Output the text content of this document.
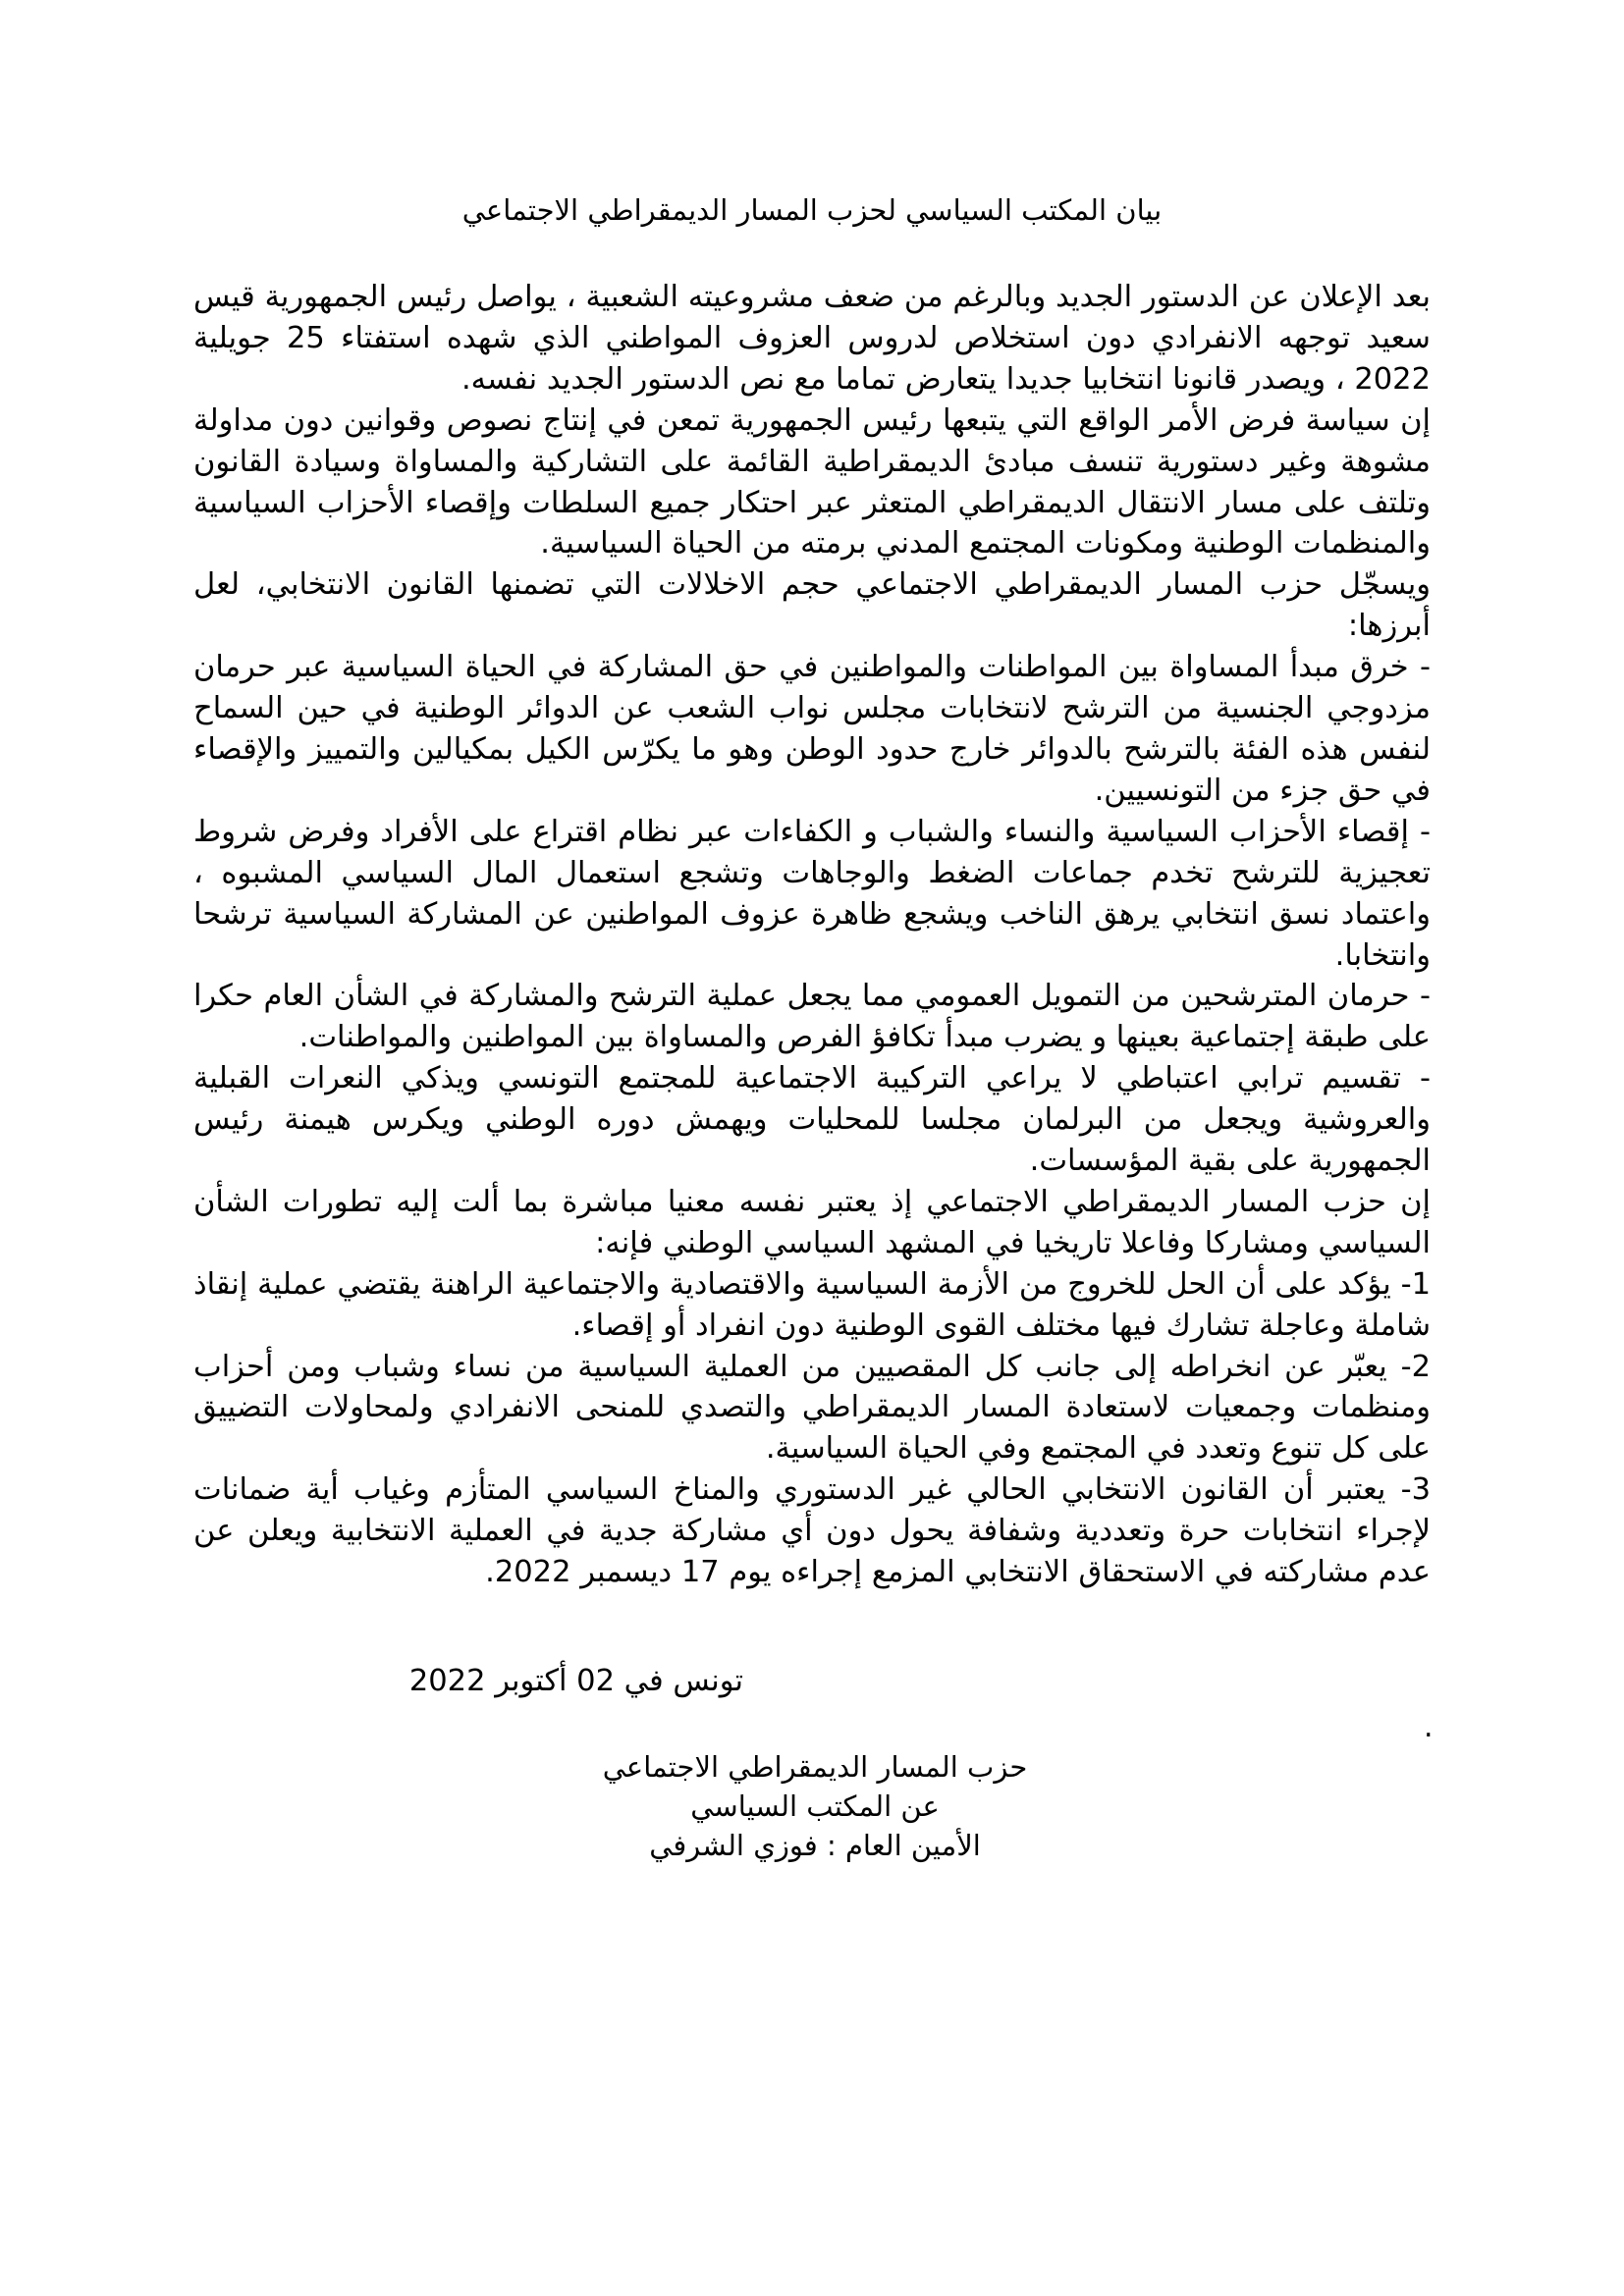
بيان المكتب السياسي لحزب المسار الديمقراطي الاجتماعي

بعد الإعلان عن الدستور الجديد وبالرغم من ضعف مشروعيته الشعبية ، يواصل رئيس الجمهورية قيس سعيد توجهه الانفرادي دون استخلاص لدروس العزوف المواطني الذي شهده استفتاء 25 جويلية 2022 ، ويصدر قانونا انتخابيا جديدا يتعارض تماما مع نص الدستور الجديد نفسه.

إن سياسة فرض الأمر الواقع التي يتبعها رئيس الجمهورية تمعن في إنتاج نصوص وقوانين دون مداولة مشوهة وغير دستورية تنسف مبادئ الديمقراطية القائمة على التشاركية والمساواة وسيادة القانون وتلتف على مسار الانتقال الديمقراطي المتعثر عبر احتكار جميع السلطات وإقصاء الأحزاب السياسية والمنظمات الوطنية ومكونات المجتمع المدني برمته من الحياة السياسية.

ويسجّل حزب المسار الديمقراطي الاجتماعي حجم الاخلالات التي تضمنها القانون الانتخابي، لعل أبرزها:

- خرق مبدأ المساواة بين المواطنات والمواطنين في حق المشاركة في الحياة السياسية عبر حرمان مزدوجي الجنسية من الترشح لانتخابات مجلس نواب الشعب عن الدوائر الوطنية في حين السماح لنفس هذه الفئة بالترشح بالدوائر خارج حدود الوطن وهو ما يكرّس الكيل بمكيالين والتمييز والإقصاء في حق جزء من التونسيين.

- إقصاء الأحزاب السياسية والنساء والشباب و الكفاءات عبر نظام اقتراع على الأفراد وفرض شروط تعجيزية للترشح تخدم جماعات الضغط والوجاهات وتشجع استعمال المال السياسي المشبوه ، واعتماد نسق انتخابي يرهق الناخب ويشجع ظاهرة عزوف المواطنين عن المشاركة السياسية ترشحا وانتخابا.

- حرمان المترشحين من التمويل العمومي مما يجعل عملية الترشح والمشاركة في الشأن العام حكرا على طبقة إجتماعية بعينها و يضرب مبدأ تكافؤ الفرص والمساواة بين المواطنين والمواطنات.

- تقسيم ترابي اعتباطي لا يراعي التركيبة الاجتماعية للمجتمع التونسي ويذكي النعرات القبلية والعروشية ويجعل من البرلمان مجلسا للمحليات ويهمش دوره الوطني ويكرس هيمنة رئيس الجمهورية على بقية المؤسسات.

إن حزب المسار الديمقراطي الاجتماعي إذ يعتبر نفسه معنيا مباشرة بما ألت إليه تطورات الشأن السياسي ومشاركا وفاعلا تاريخيا في المشهد السياسي الوطني فإنه:

1- يؤكد على أن الحل للخروج من الأزمة السياسية والاقتصادية والاجتماعية الراهنة يقتضي عملية إنقاذ شاملة وعاجلة تشارك فيها مختلف القوى الوطنية دون انفراد أو إقصاء.

2- يعبّر عن انخراطه إلى جانب كل المقصيين من العملية السياسية من نساء وشباب ومن أحزاب ومنظمات وجمعيات لاستعادة المسار الديمقراطي والتصدي للمنحى الانفرادي ولمحاولات التضييق على كل تنوع وتعدد في المجتمع وفي الحياة السياسية.

3- يعتبر أن القانون الانتخابي الحالي غير الدستوري والمناخ السياسي المتأزم وغياب أية ضمانات لإجراء انتخابات حرة وتعددية وشفافة يحول دون أي مشاركة جدية في العملية الانتخابية ويعلن عن عدم مشاركته في الاستحقاق الانتخابي المزمع إجراءه يوم 17 ديسمبر 2022.

تونس في 02 أكتوبر 2022
.
حزب المسار الديمقراطي الاجتماعي
عن المكتب السياسي
الأمين العام : فوزي الشرفي
